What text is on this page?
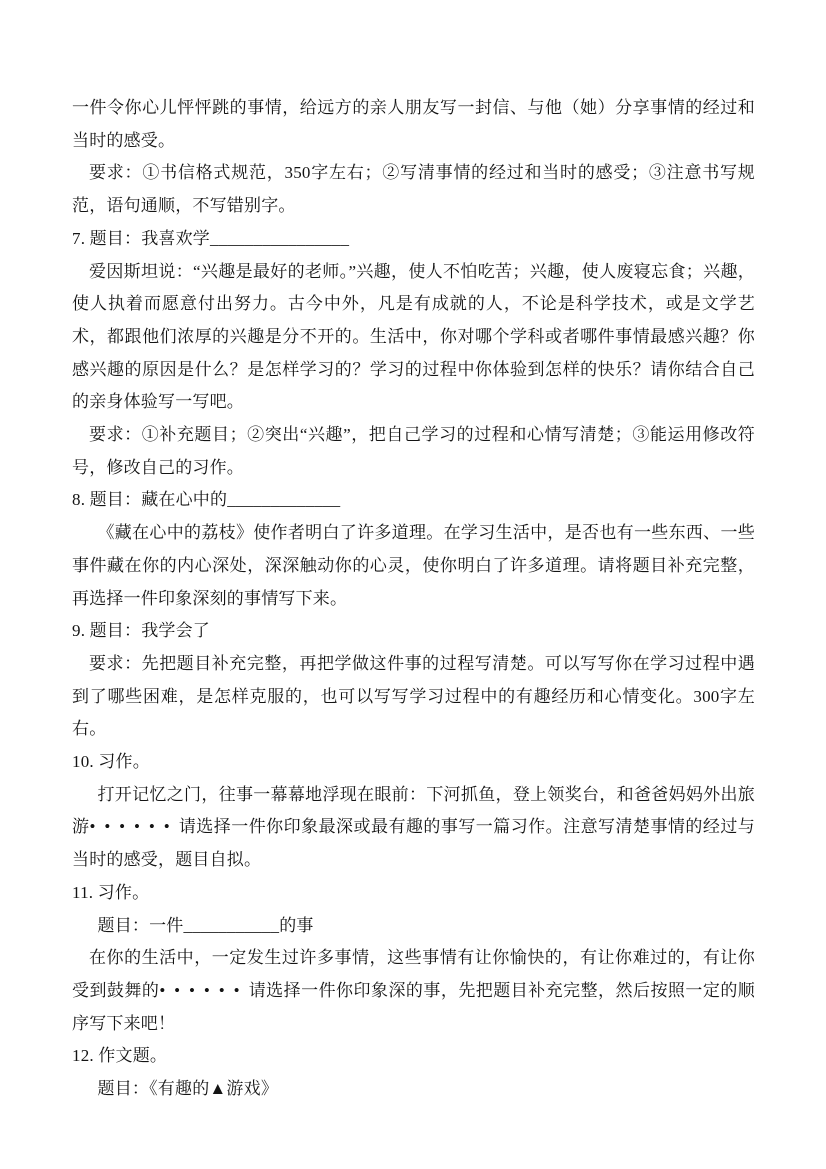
一件令你心儿怦怦跳的事情，给远方的亲人朋友写一封信、与他（她）分享事情的经过和当时的感受。

要求：①书信格式规范，350字左右；②写清事情的经过和当时的感受；③注意书写规范，语句通顺，不写错别字。

7. 题目：我喜欢学________________

爱因斯坦说：“兴趣是最好的老师。”兴趣，使人不怕吃苦；兴趣，使人废寝忘食；兴趣，使人执着而愿意付出努力。古今中外，凡是有成就的人，不论是科学技术，或是文学艺术，都跟他们浓厚的兴趣是分不开的。生活中，你对哪个学科或者哪件事情最感兴趣？你感兴趣的原因是什么？是怎样学习的？学习的过程中你体验到怎样的快乐？请你结合自己的亲身体验写一写吧。

要求：①补充题目；②突出“兴趣”，把自己学习的过程和心情写清楚；③能运用修改符号，修改自己的习作。

8. 题目：藏在心中的_____________

《藏在心中的荔枝》使作者明白了许多道理。在学习生活中，是否也有一些东西、一些事件藏在你的内心深处，深深触动你的心灵，使你明白了许多道理。请将题目补充完整，再选择一件印象深刻的事情写下来。

9. 题目：我学会了

要求：先把题目补充完整，再把学做这件事的过程写清楚。可以写写你在学习过程中遇到了哪些困难，是怎样克服的，也可以写写学习过程中的有趣经历和心情变化。300字左右。

10. 习作。

打开记忆之门，往事一幕幕地浮现在眼前：下河抓鱼，登上领奖台，和爸爸妈妈外出旅游• • • • • • 请选择一件你印象最深或最有趣的事写一篇习作。注意写清楚事情的经过与当时的感受，题目自拟。

11. 习作。

题目：一件___________的事

在你的生活中，一定发生过许多事情，这些事情有让你愉快的，有让你难过的，有让你受到鼓舞的• • • • • • 请选择一件你印象深的事，先把题目补充完整，然后按照一定的顺序写下来吧！

12. 作文题。

题目：《有趣的▲游戏》
